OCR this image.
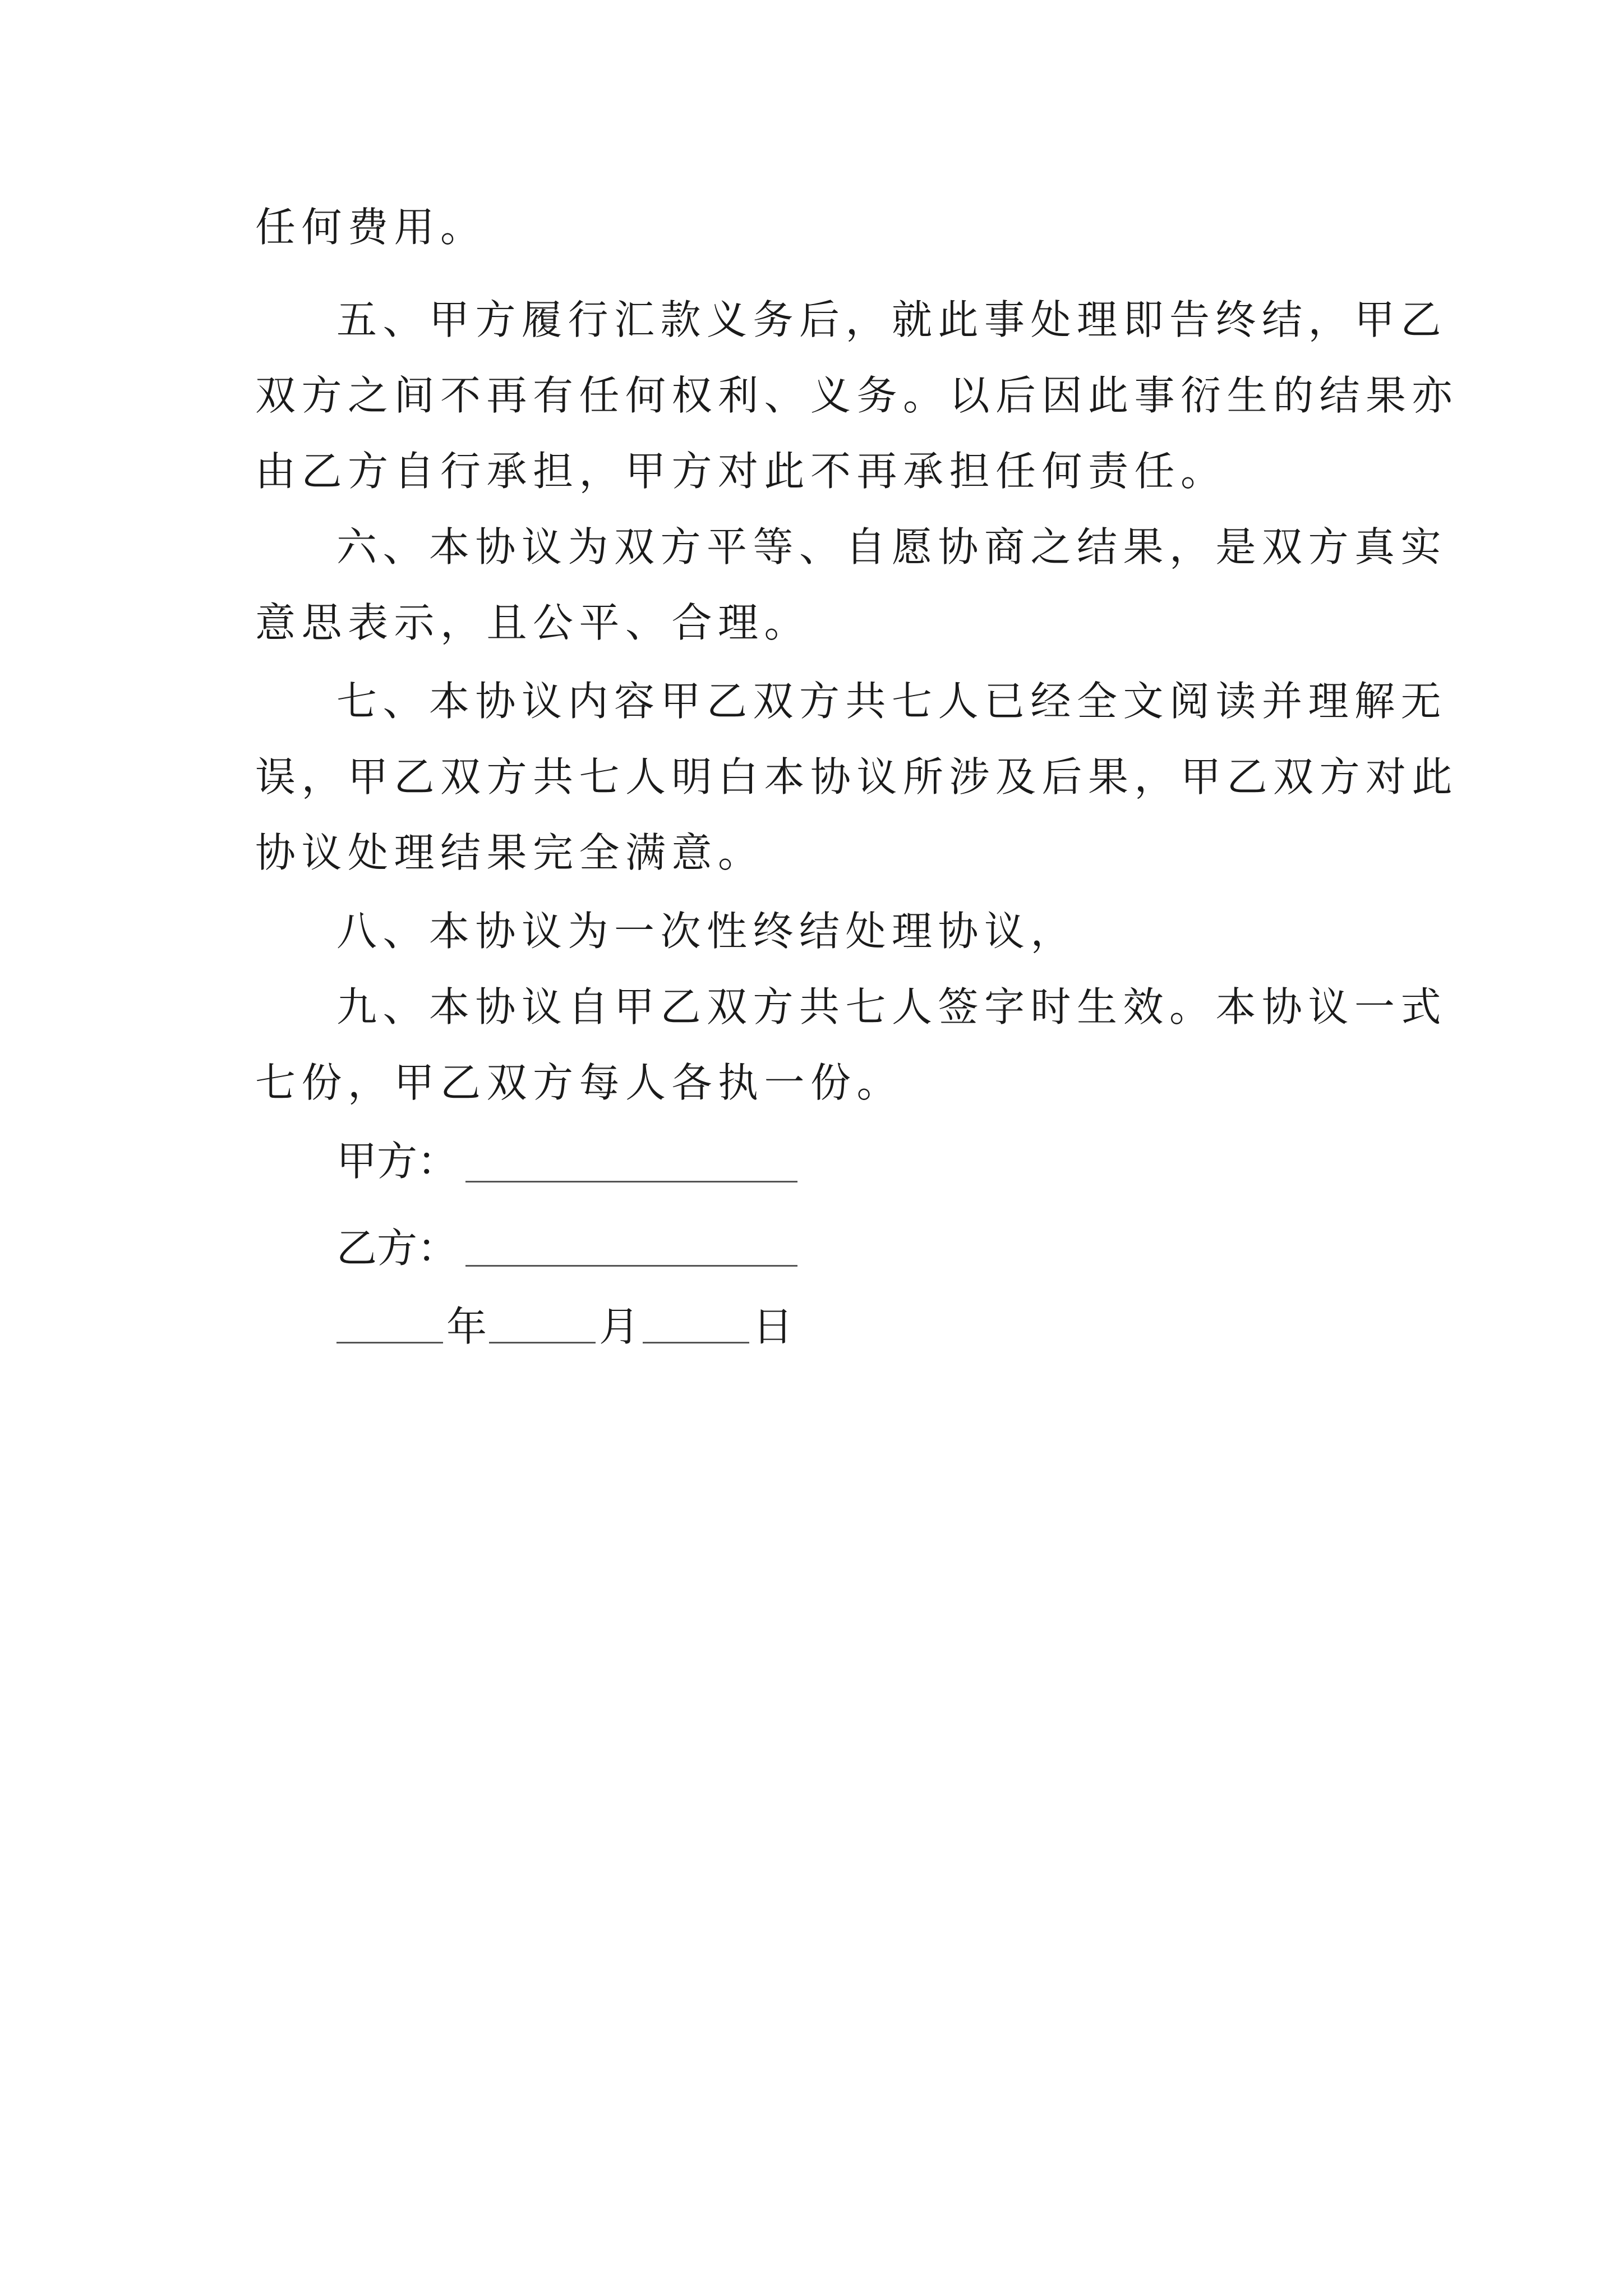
任何费用。
五、甲方履行汇款义务后，就此事处理即告终结，甲乙
双方之间不再有任何权利、义务。以后因此事衍生的结果亦
由乙方自行承担，甲方对此不再承担任何责任。
六、本协议为双方平等、自愿协商之结果，是双方真实
意思表示，且公平、合理。
七、本协议内容甲乙双方共七人已经全文阅读并理解无
误，甲乙双方共七人明白本协议所涉及后果，甲乙双方对此
协议处理结果完全满意。
八、本协议为一次性终结处理协议，
九、本协议自甲乙双方共七人签字时生效。本协议一式
七份，甲乙双方每人各执一份。
甲方：
乙方：
年	月	日
